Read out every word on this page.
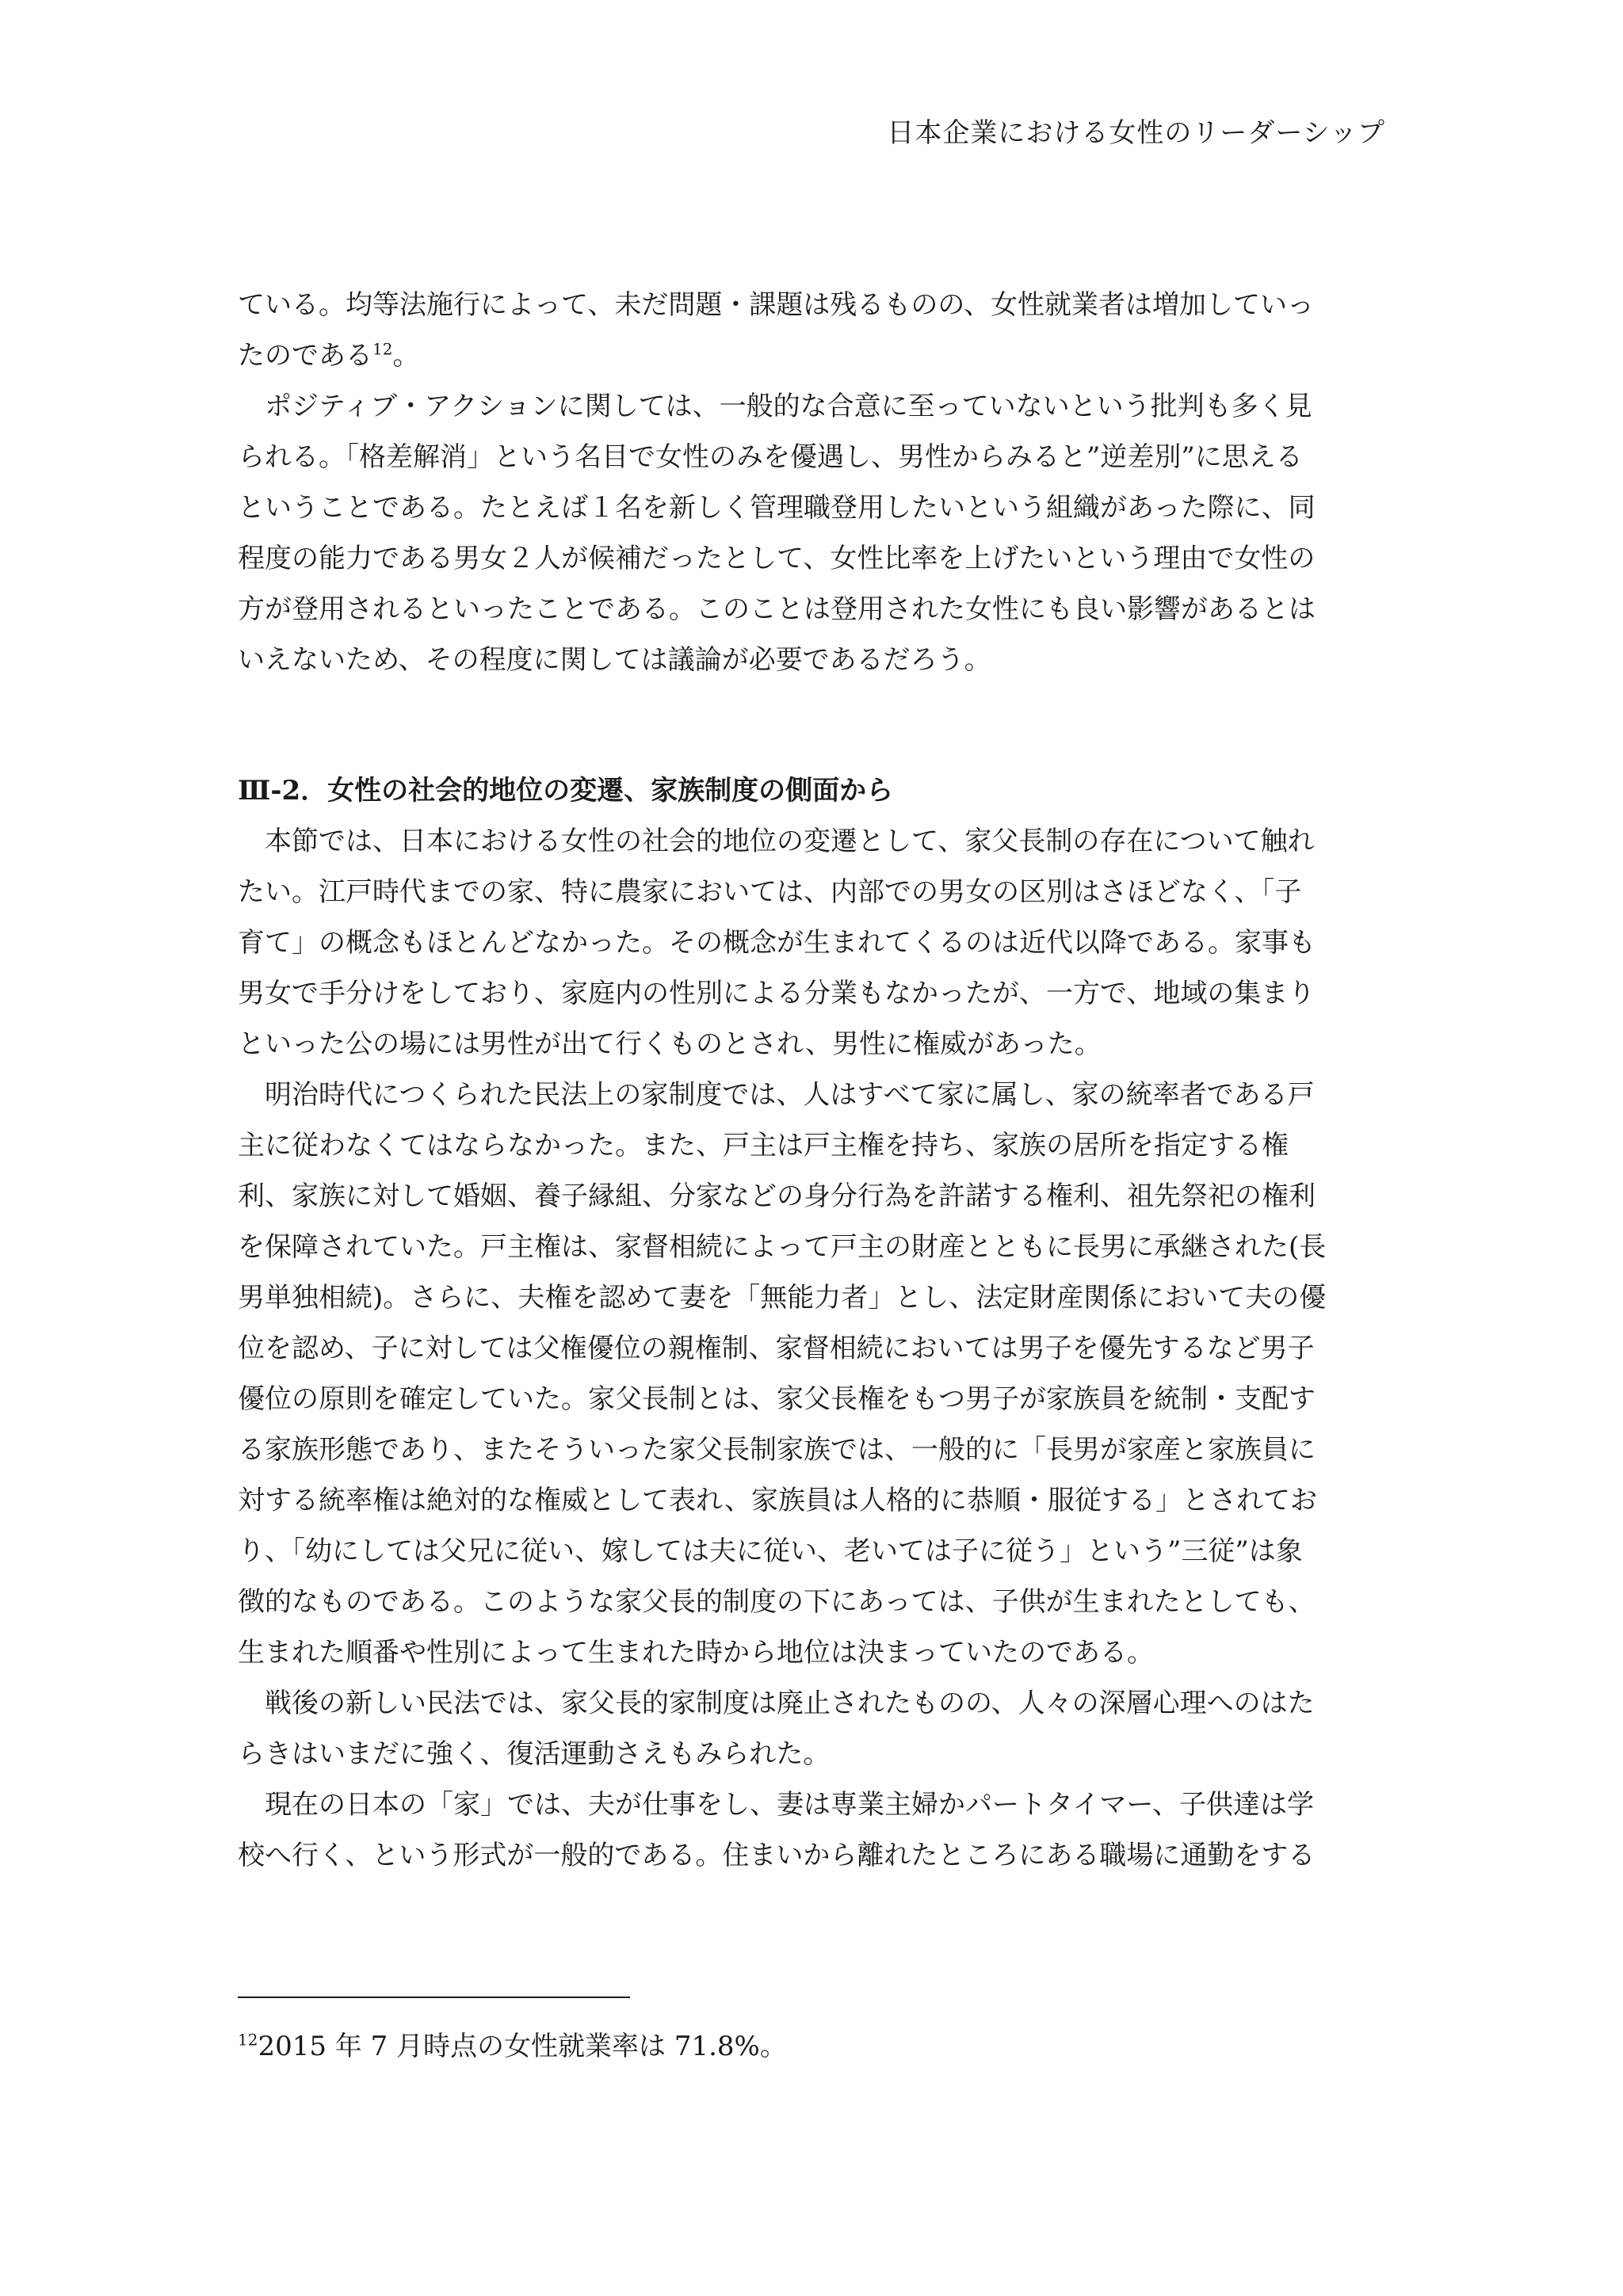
日本企業における女性のリーダーシップ
ている。均等法施行によって、未だ問題・課題は残るものの、女性就業者は増加していっ
たのである$^{12}$。
　ポジティブ・アクションに関しては、一般的な合意に至っていないという批判も多く見
られる。「格差解消」という名目で女性のみを優遇し、男性からみると”逆差別”に思える
ということである。たとえば１名を新しく管理職登用したいという組織があった際に、同
程度の能力である男女２人が候補だったとして、女性比率を上げたいという理由で女性の
方が登用されるといったことである。このことは登用された女性にも良い影響があるとは
いえないため、その程度に関しては議論が必要であるだろう。
Ⅲ-2．女性の社会的地位の変遷、家族制度の側面から
　本節では、日本における女性の社会的地位の変遷として、家父長制の存在について触れ
たい。江戸時代までの家、特に農家においては、内部での男女の区別はさほどなく、「子
育て」の概念もほとんどなかった。その概念が生まれてくるのは近代以降である。家事も
男女で手分けをしており、家庭内の性別による分業もなかったが、一方で、地域の集まり
といった公の場には男性が出て行くものとされ、男性に権威があった。
　明治時代につくられた民法上の家制度では、人はすべて家に属し、家の統率者である戸
主に従わなくてはならなかった。また、戸主は戸主権を持ち、家族の居所を指定する権
利、家族に対して婚姻、養子縁組、分家などの身分行為を許諾する権利、祖先祭祀の権利
を保障されていた。戸主権は、家督相続によって戸主の財産とともに長男に承継された(長
男単独相続)。さらに、夫権を認めて妻を「無能力者」とし、法定財産関係において夫の優
位を認め、子に対しては父権優位の親権制、家督相続においては男子を優先するなど男子
優位の原則を確定していた。家父長制とは、家父長権をもつ男子が家族員を統制・支配す
る家族形態であり、またそういった家父長制家族では、一般的に「長男が家産と家族員に
対する統率権は絶対的な権威として表れ、家族員は人格的に恭順・服従する」とされてお
り、「幼にしては父兄に従い、嫁しては夫に従い、老いては子に従う」という”三従”は象
徴的なものである。このような家父長的制度の下にあっては、子供が生まれたとしても、
生まれた順番や性別によって生まれた時から地位は決まっていたのである。
　戦後の新しい民法では、家父長的家制度は廃止されたものの、人々の深層心理へのはた
らきはいまだに強く、復活運動さえもみられた。
　現在の日本の「家」では、夫が仕事をし、妻は専業主婦かパートタイマー、子供達は学
校へ行く、という形式が一般的である。住まいから離れたところにある職場に通勤をする
$^{12}$2015 年 7 月時点の女性就業率は 71.8%。
